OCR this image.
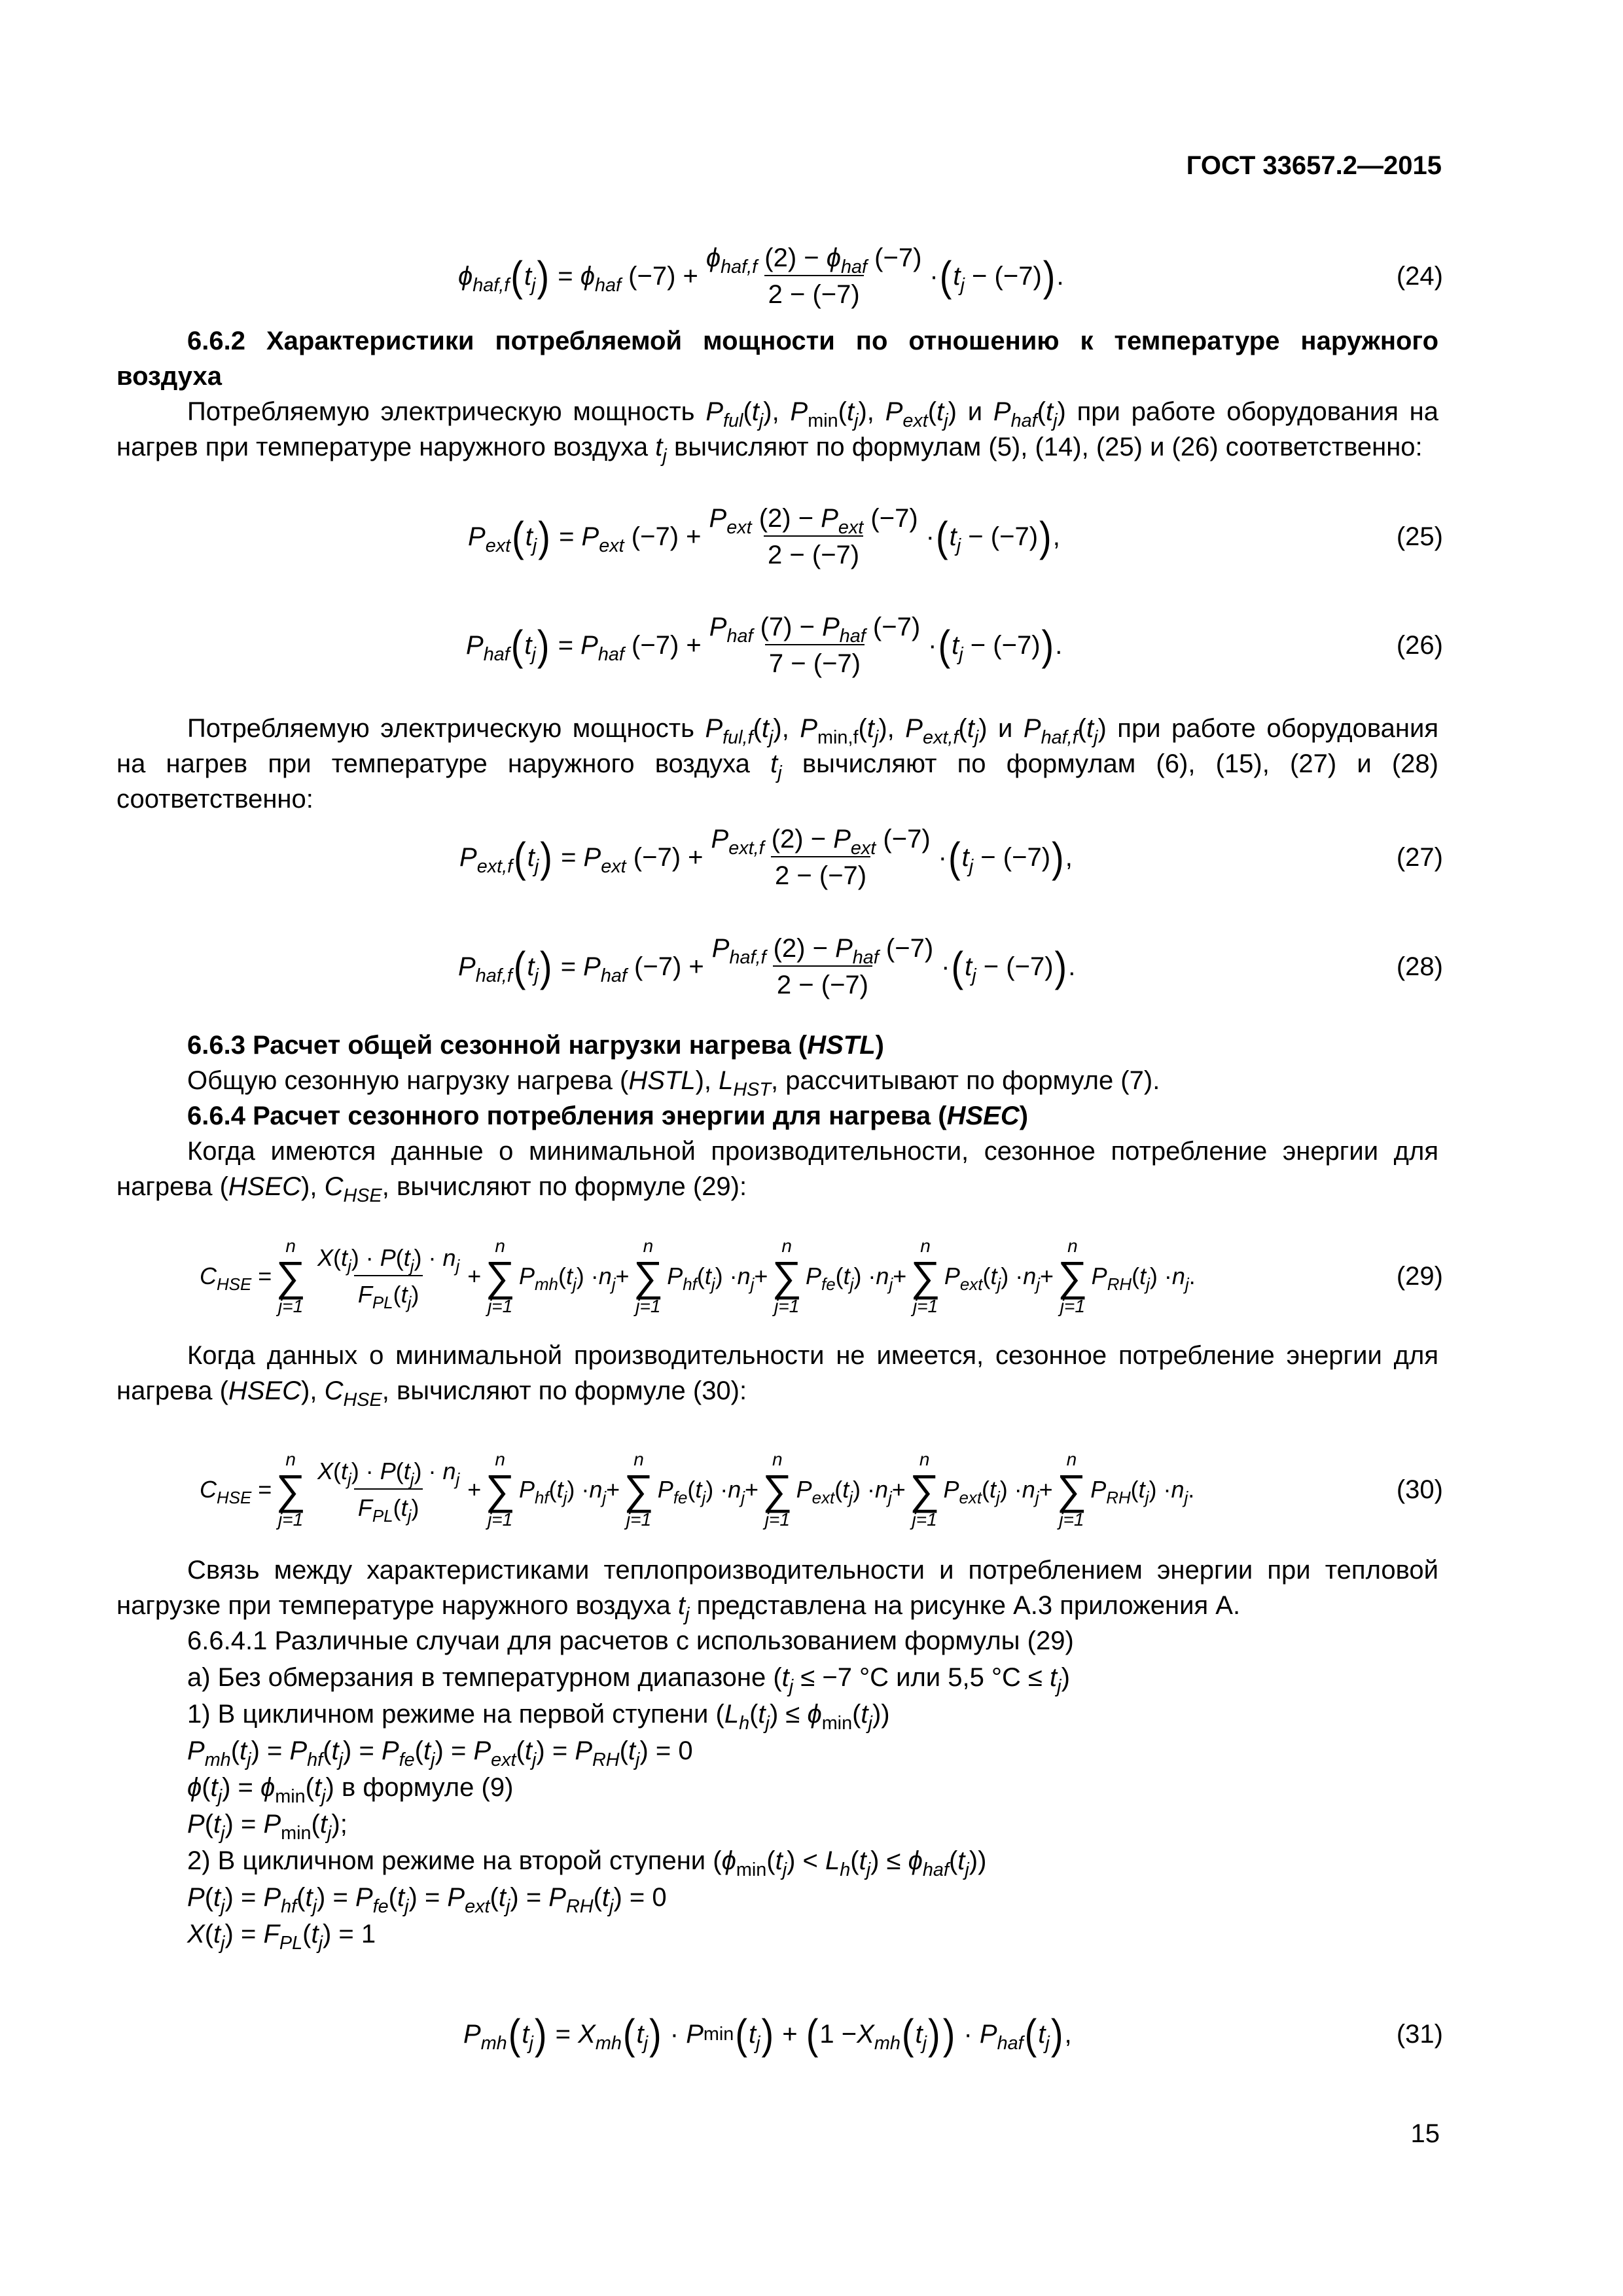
ГОСТ 33657.2—2015
$\phi_{haf,f}$ ( $t_j$ ) = $\phi_{haf}$ $(-7) + \frac{\phi_{haf,f} (2) - \phi_{haf} (-7)}{2 - (-7)}$ · ( $t_j - (-7)$ ) .	(24)

6.6.2 Характеристики потребляемой мощности по отношению к температуре наружного воздуха

Потребляемую электрическую мощность $P_{ful}(t_j)$, $P_{min}(t_j)$, $P_{ext}(t_j)$ и $P_{haf}(t_j)$ при работе оборудования на нагрев при температуре наружного воздуха $t_j$ вычисляют по формулам (5), (14), (25) и (26) соответственно:

$P_{ext}$ ( $t_j$ ) = $P_{ext}$ $(-7) + \frac{P_{ext} (2) - P_{ext} (-7)}{2 - (-7)}$ · ( $t_j - (-7)$ ) ,	(25)
$P_{haf}$ ( $t_j$ ) = $P_{haf}$ $(-7) + \frac{P_{haf} (7) - P_{haf} (-7)}{7 - (-7)}$ · ( $t_j - (-7)$ ) .	(26)

Потребляемую электрическую мощность $P_{ful,f}(t_j)$, $P_{min,f}(t_j)$, $P_{ext,f}(t_j)$ и $P_{haf,f}(t_j)$ при работе оборудования на нагрев при температуре наружного воздуха $t_j$ вычисляют по формулам (6), (15), (27) и (28) соответственно:

$P_{ext,f}$ ( $t_j$ ) = $P_{ext}$ $(-7) + \frac{P_{ext,f} (2) - P_{ext} (-7)}{2 - (-7)}$ · ( $t_j - (-7)$ ) ,	(27)
$P_{haf,f}$ ( $t_j$ ) = $P_{haf}$ $(-7) + \frac{P_{haf,f} (2) - P_{haf} (-7)}{2 - (-7)}$ · ( $t_j - (-7)$ ) .	(28)

6.6.3 Расчет общей сезонной нагрузки нагрева (HSTL)

Общую сезонную нагрузку нагрева (HSTL), $L_{HST}$, рассчитывают по формуле (7).

6.6.4 Расчет сезонного потребления энергии для нагрева (HSEC)

Когда имеются данные о минимальной производительности, сезонное потребление энергии для нагрева (HSEC), $C_{HSE}$, вычисляют по формуле (29):

$C_{HSE}$ =
n
∑
$j=1 \frac{X(t_j) \cdot P(t_j) \cdot n_j}{F_{PL}(t_j)}$ +
n
∑
j=1
$P_{mh}$ ( $t_j$ ) · $n_j$ +
n
∑
j=1
$P_{hf}$ ( $t_j$ ) · $n_j$ +
n
∑
j=1
$P_{fe}$ ( $t_j$ ) · $n_j$ +
n
∑
j=1
$P_{ext}$ ( $t_j$ ) · $n_j$ +
n
∑
j=1
$P_{RH}$ ( $t_j$ ) · $n_j$ .	(29)

Когда данных о минимальной производительности не имеется, сезонное потребление энергии для нагрева (HSEC), $C_{HSE}$, вычисляют по формуле (30):

$C_{HSE}$ =
n
∑
$j=1 \frac{X(t_j) \cdot P(t_j) \cdot n_j}{F_{PL}(t_j)}$ +
n
∑
j=1
$P_{hf}$ ( $t_j$ ) · $n_j$ +
n
∑
j=1
$P_{fe}$ ( $t_j$ ) · $n_j$ +
n
∑
j=1
$P_{ext}$ ( $t_j$ ) · $n_j$ +
n
∑
j=1
$P_{ext}$ ( $t_j$ ) · $n_j$ +
n
∑
j=1
$P_{RH}$ ( $t_j$ ) · $n_j$ .	(30)

Связь между характеристиками теплопроизводительности и потреблением энергии при тепловой нагрузке при температуре наружного воздуха $t_j$ представлена на рисунке А.3 приложения А.

6.6.4.1 Различные случаи для расчетов с использованием формулы (29)

а) Без обмерзания в температурном диапазоне ($t_j \le -7$ °С или 5,5 $^\circ С \le t_j$)

1) В цикличном режиме на первой ступени $(L_h(t_j) \le \phi_{min}(t_j))$

$P_{mh}(t_j) = P_{hf}(t_j) = P_{fe}(t_j) = P_{ext}(t_j) = P_{RH}(t_j) = 0$

$\phi(t_j) = \phi_{min}(t_j)$ в формуле (9)

$P(t_j) = P_{min}(t_j)$;

2) В цикличном режиме на второй ступени $(\phi_{min}(t_j) < L_h(t_j) \le \phi_{haf}(t_j))$

$P(t_j) = P_{hf}(t_j) = P_{fe}(t_j) = P_{ext}(t_j) = P_{RH}(t_j) = 0$

$X(t_j) = F_{PL}(t_j) = 1$

$P_{mh}$ ( $t_j$ ) = $X_{mh}$ ( $t_j$ ) · P min ( $t_j$ ) + ( $1 - X_{mh}$ ( $t_j$ ) ) · $P_{haf}$ ( $t_j$ ) ,	(31)
15
